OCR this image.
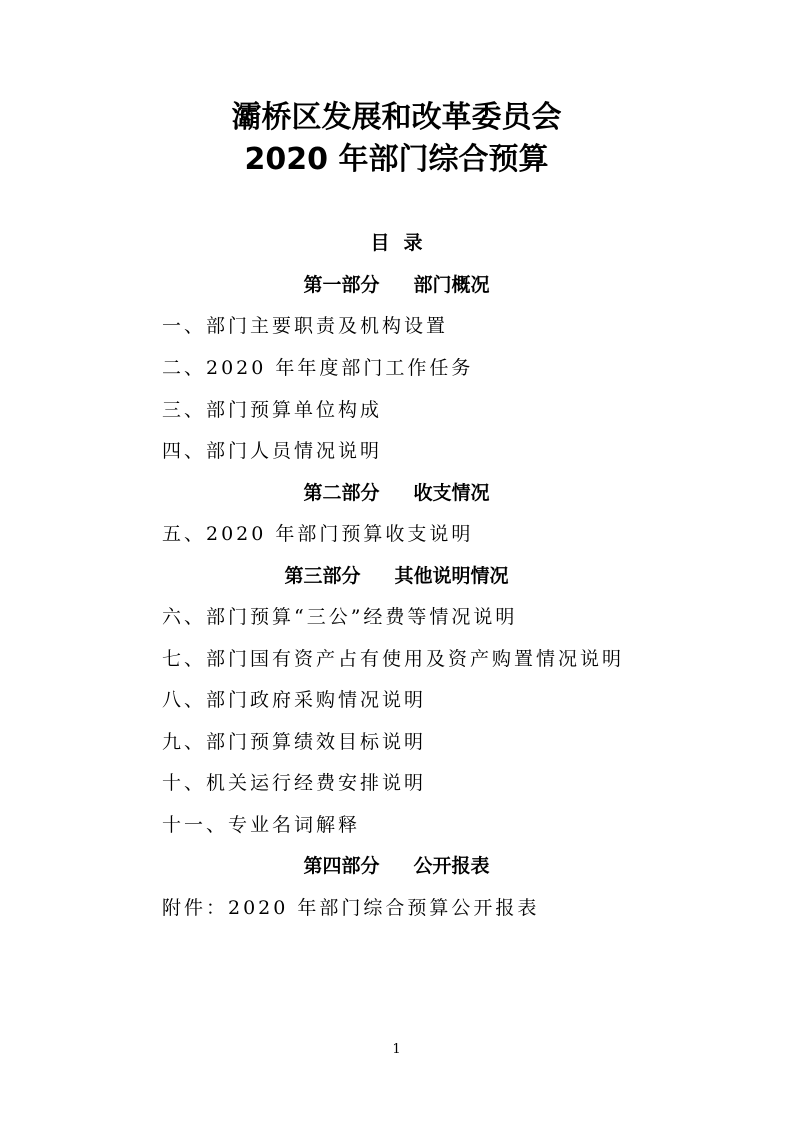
灞桥区发展和改革委员会
2020 年部门综合预算
目录
第一部分 部门概况
一、部门主要职责及机构设置
二、2020 年年度部门工作任务
三、部门预算单位构成
四、部门人员情况说明
第二部分 收支情况
五、2020 年部门预算收支说明
第三部分 其他说明情况
六、部门预算“三公”经费等情况说明
七、部门国有资产占有使用及资产购置情况说明
八、部门政府采购情况说明
九、部门预算绩效目标说明
十、机关运行经费安排说明
十一、专业名词解释
第四部分 公开报表
附件：2020 年部门综合预算公开报表
1
